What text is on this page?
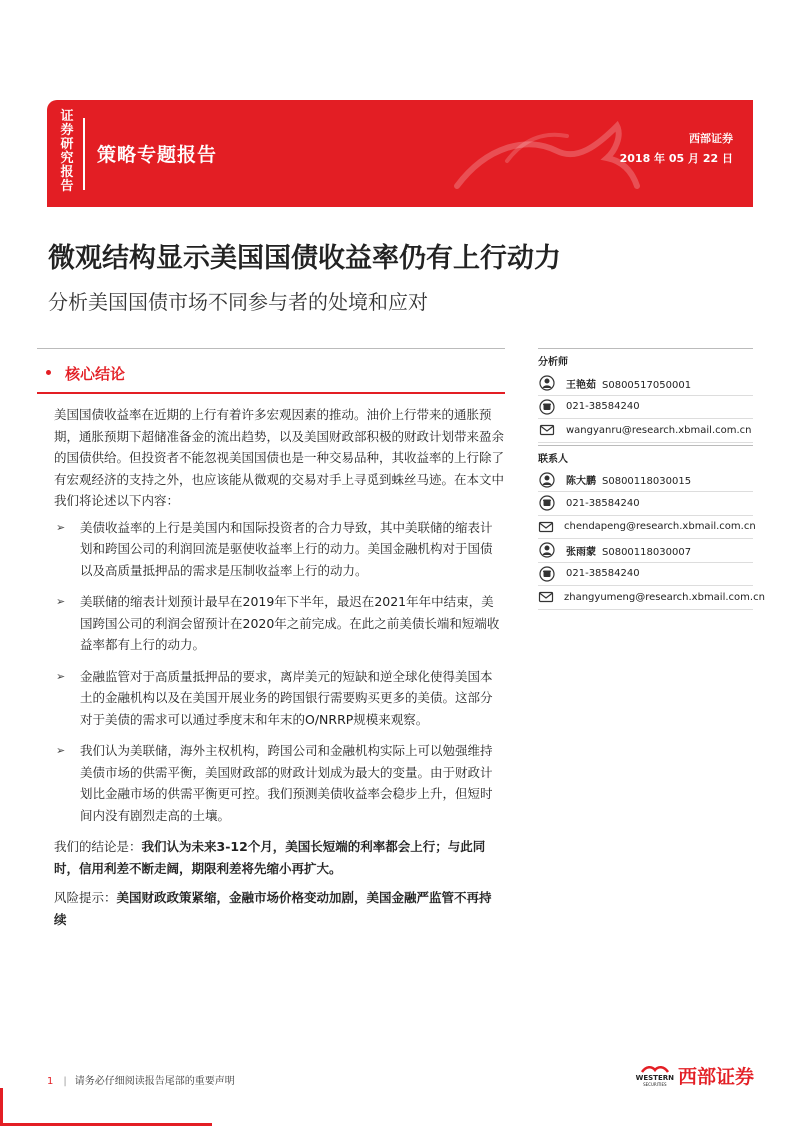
证券研究报告
策略专题报告
西部证券
2018 年 05 月 22 日
微观结构显示美国国债收益率仍有上行动力
分析美国国债市场不同参与者的处境和应对
核心结论

美国国债收益率在近期的上行有着许多宏观因素的推动。油价上行带来的通胀预期，通胀预期下超储准备金的流出趋势，以及美国财政部积极的财政计划带来盈余的国债供给。但投资者不能忽视美国国债也是一种交易品种，其收益率的上行除了有宏观经济的支持之外，也应该能从微观的交易对手上寻觅到蛛丝马迹。在本文中我们将论述以下内容：

➢ 美债收益率的上行是美国内和国际投资者的合力导致，其中美联储的缩表计划和跨国公司的利润回流是驱使收益率上行的动力。美国金融机构对于国债以及高质量抵押品的需求是压制收益率上行的动力。
➢ 美联储的缩表计划预计最早在2019年下半年，最迟在2021年年中结束，美国跨国公司的利润会留预计在2020年之前完成。在此之前美债长端和短端收益率都有上行的动力。
➢ 金融监管对于高质量抵押品的要求，离岸美元的短缺和逆全球化使得美国本土的金融机构以及在美国开展业务的跨国银行需要购买更多的美债。这部分对于美债的需求可以通过季度末和年末的O/NRRP规模来观察。
➢ 我们认为美联储，海外主权机构，跨国公司和金融机构实际上可以勉强维持美债市场的供需平衡，美国财政部的财政计划成为最大的变量。由于财政计划比金融市场的供需平衡更可控。我们预测美债收益率会稳步上升，但短时间内没有剧烈走高的土壤。

我们的结论是：我们认为未来3-12个月，美国长短端的利率都会上行；与此同时，信用利差不断走阔，期限利差将先缩小再扩大。

风险提示：美国财政政策紧缩，金融市场价格变动加剧，美国金融严监管不再持续

分析师
王艳茹 S0800517050001
021-38584240
wangyanru@research.xbmail.com.cn
联系人
陈大鹏 S0800118030015
021-38584240
chendapeng@research.xbmail.com.cn
张雨蒙 S0800118030007
021-38584240
zhangyumeng@research.xbmail.com.cn
1 | 请务必仔细阅读报告尾部的重要声明	WESTERN
SECURITIES 西部证券
